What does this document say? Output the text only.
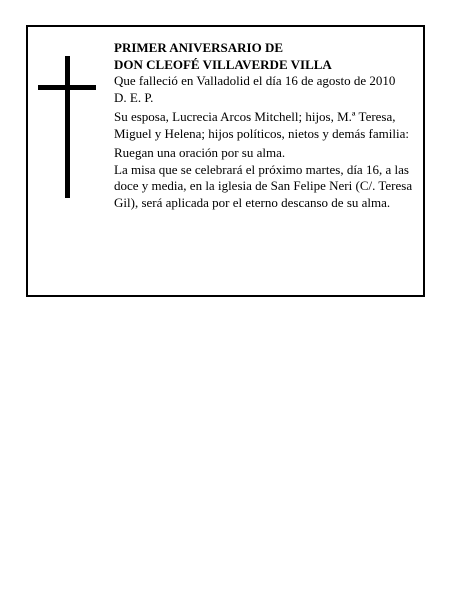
PRIMER ANIVERSARIO DE

DON CLEOFÉ VILLAVERDE VILLA

Que falleció en Valladolid el día 16 de agosto de 2010

D. E. P.

Su esposa, Lucrecia Arcos Mitchell; hijos, M.ª Teresa, Miguel y Helena; hijos políticos, nietos y demás familia:

Ruegan una oración por su alma.

La misa que se celebrará el próximo martes, día 16, a las doce y media, en la iglesia de San Felipe Neri (C/. Teresa Gil), será aplicada por el eterno descanso de su alma.
